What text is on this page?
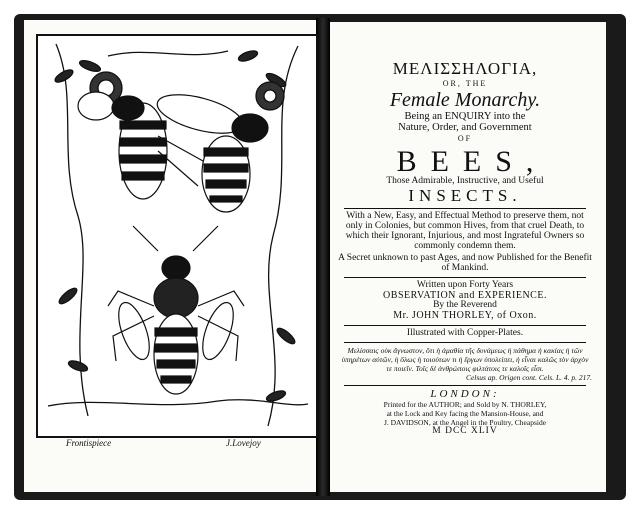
Frontispiece	J.Lovejoy
ΜΕΛΙΣΣΗΛΟΓΙΑ,
OR, THE
Female Monarchy.
Being an ENQUIRY into the
Nature, Order, and Government
OF
BEES,
Those Admirable, Instructive, and Useful
INSECTS.
With a New, Easy, and Effectual Method to preserve them, not only in Colonies, but common Hives, from that cruel Death, to which their Ignorant, Injurious, and most Ingrateful Owners so commonly condemn them.
A Secret unknown to past Ages, and now Published for the Benefit of Mankind.
Written upon Forty Years
OBSERVATION and EXPERIENCE.
By the Reverend
Mr. JOHN THORLEY, of Oxon.
Illustrated with Copper-Plates.
Μελίσσαιϛ οὐκ ἄγνωστον, ὅτι ἡ ἀμαθία τῆς δυνάμεως ἡ πάθημα ἡ κακίας ἡ τῶν ὑπηρέτων αὐτῶν, ἡ ὅλως ἡ τοιούτων τι ἡ ἔργων ὑπολείπει, ἡ εἶναι καλῶς τὸν ἀρχὸν τε ποιεῖν. Τοῖς δὲ ἀνθρώποις φιλτάτοις τε καλοῖς εἶσι.
Celsus ap. Origen cont. Cels. L. 4. p. 217.
LONDON:
Printed for the AUTHOR; and Sold by N. THORLEY,
at the Lock and Key facing the Mansion-House, and
J. DAVIDSON, at the Angel in the Poultry, Cheapside
M DCC XLIV
